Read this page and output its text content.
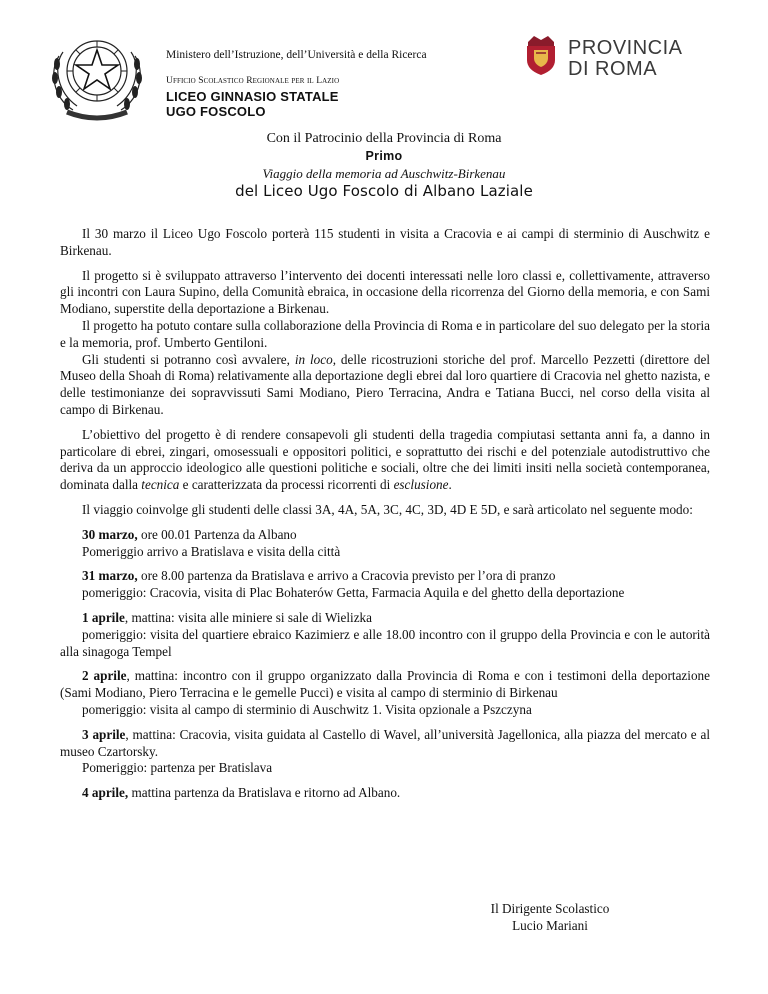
Ministero dell’Istruzione, dell’Università e della Ricerca
Ufficio Scolastico Regionale per il Lazio
LICEO GINNASIO STATALE
UGO FOSCOLO
PROVINCIA
DI ROMA
Con il Patrocinio della Provincia di Roma
Primo
Viaggio della memoria ad Auschwitz-Birkenau
del Liceo Ugo Foscolo di Albano Laziale

Il 30 marzo il Liceo Ugo Foscolo porterà 115 studenti in visita a Cracovia e ai campi di sterminio di Auschwitz e Birkenau.

Il progetto si è sviluppato attraverso l’intervento dei docenti interessati nelle loro classi e, collettivamente, attraverso gli incontri con Laura Supino, della Comunità ebraica, in occasione della ricorrenza del Giorno della memoria, e con Sami Modiano, superstite della deportazione a Birkenau.

Il progetto ha potuto contare sulla collaborazione della Provincia di Roma e in particolare del suo delegato per la storia e la memoria, prof. Umberto Gentiloni.

Gli studenti si potranno così avvalere, in loco, delle ricostruzioni storiche del prof. Marcello Pezzetti (direttore del Museo della Shoah di Roma) relativamente alla deportazione degli ebrei dal loro quartiere di Cracovia nel ghetto nazista, e delle testimonianze dei sopravvissuti Sami Modiano, Piero Terracina, Andra e Tatiana Bucci, nel corso della visita al campo di Birkenau.

L’obiettivo del progetto è di rendere consapevoli gli studenti della tragedia compiutasi settanta anni fa, a danno in particolare di ebrei, zingari, omosessuali e oppositori politici, e soprattutto dei rischi e del potenziale autodistruttivo che deriva da un approccio ideologico alle questioni politiche e sociali, oltre che dei limiti insiti nella società contemporanea, dominata dalla tecnica e caratterizzata da processi ricorrenti di esclusione.

Il viaggio coinvolge gli studenti delle classi 3A, 4A, 5A, 3C, 4C, 3D, 4D E 5D, e sarà articolato nel seguente modo:

30 marzo, ore 00.01 Partenza da Albano

Pomeriggio arrivo a Bratislava e visita della città

31 marzo, ore 8.00 partenza da Bratislava e arrivo a Cracovia previsto per l’ora di pranzo

pomeriggio: Cracovia, visita di Plac Bohaterów Getta, Farmacia Aquila e del ghetto della deportazione

1 aprile, mattina: visita alle miniere si sale di Wielizka

pomeriggio: visita del quartiere ebraico Kazimierz e alle 18.00 incontro con il gruppo della Provincia e con le autorità alla sinagoga Tempel

2 aprile, mattina: incontro con il gruppo organizzato dalla Provincia di Roma e con i testimoni della deportazione (Sami Modiano, Piero Terracina e le gemelle Pucci) e visita al campo di sterminio di Birkenau

pomeriggio: visita al campo di sterminio di Auschwitz 1. Visita opzionale a Pszczyna

3 aprile, mattina: Cracovia, visita guidata al Castello di Wavel, all’università Jagellonica, alla piazza del mercato e al museo Czartorsky.

Pomeriggio: partenza per Bratislava

4 aprile, mattina partenza da Bratislava e ritorno ad Albano.

Il Dirigente Scolastico
Lucio Mariani
